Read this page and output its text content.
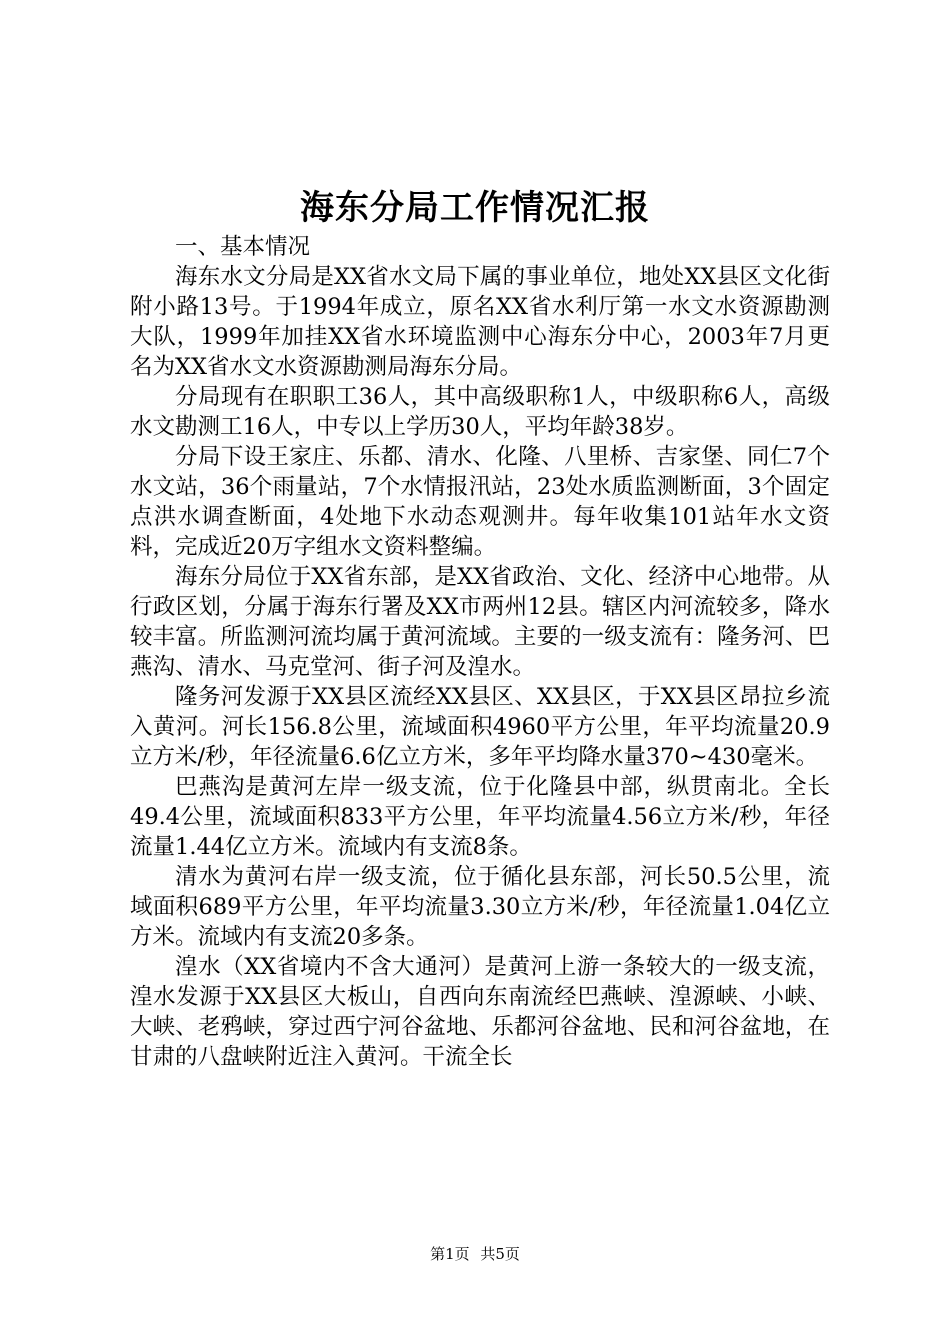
海东分局工作情况汇报

一、基本情况

海东水文分局是XX省水文局下属的事业单位，地处XX县区文化街附小路13号。于1994年成立，原名XX省水利厅第一水文水资源勘测大队，1999年加挂XX省水环境监测中心海东分中心，2003年7月更名为XX省水文水资源勘测局海东分局。

分局现有在职职工36人，其中高级职称1人，中级职称6人，高级水文勘测工16人，中专以上学历30人，平均年龄38岁。

分局下设王家庄、乐都、清水、化隆、八里桥、吉家堡、同仁7个水文站，36个雨量站，7个水情报汛站，23处水质监测断面，3个固定点洪水调查断面，4处地下水动态观测井。每年收集101站年水文资料，完成近20万字组水文资料整编。

海东分局位于XX省东部，是XX省政治、文化、经济中心地带。从行政区划，分属于海东行署及XX市两州12县。辖区内河流较多，降水较丰富。所监测河流均属于黄河流域。主要的一级支流有：隆务河、巴燕沟、清水、马克堂河、街子河及湟水。

隆务河发源于XX县区流经XX县区、XX县区，于XX县区昂拉乡流入黄河。河长156.8公里，流域面积4960平方公里，年平均流量20.9立方米/秒，年径流量6.6亿立方米，多年平均降水量370~430毫米。

巴燕沟是黄河左岸一级支流，位于化隆县中部，纵贯南北。全长49.4公里，流域面积833平方公里，年平均流量4.56立方米/秒，年径流量1.44亿立方米。流域内有支流8条。

清水为黄河右岸一级支流，位于循化县东部，河长50.5公里，流域面积689平方公里，年平均流量3.30立方米/秒，年径流量1.04亿立方米。流域内有支流20多条。

湟水（XX省境内不含大通河）是黄河上游一条较大的一级支流，湟水发源于XX县区大板山，自西向东南流经巴燕峡、湟源峡、小峡、大峡、老鸦峡，穿过西宁河谷盆地、乐都河谷盆地、民和河谷盆地，在甘肃的八盘峡附近注入黄河。干流全长

第1页 共5页
